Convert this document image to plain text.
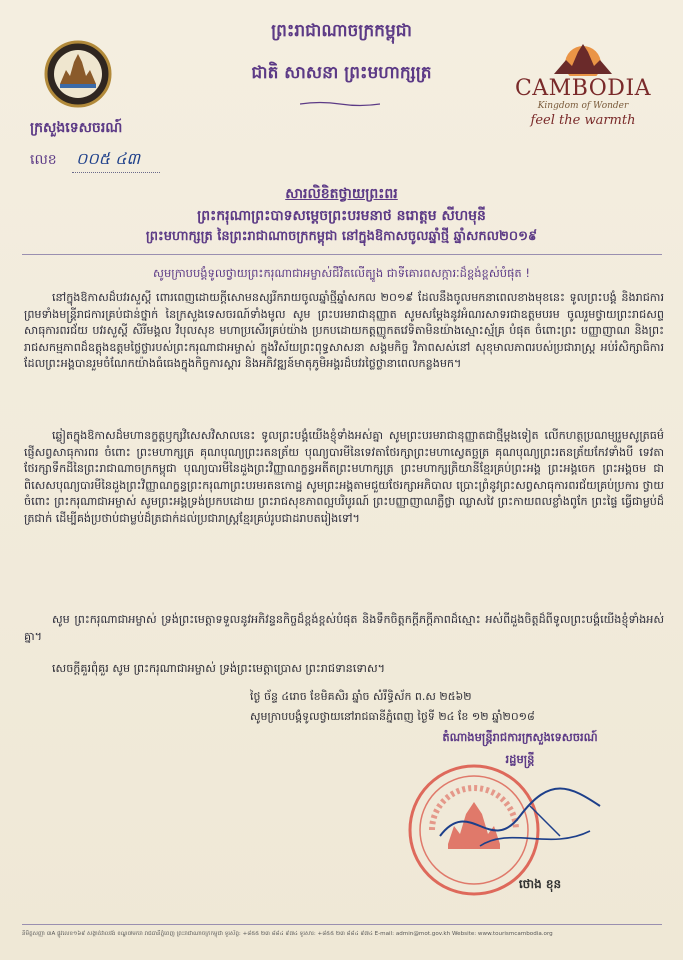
ព្រះរាជាណាចក្រកម្ពុជា
ជាតិ សាសនា ព្រះមហាក្សត្រ
CAMBODIA
Kingdom of Wonder
feel the warmth
ក្រសួងទេសចរណ៍
លេខ ០០៥ ៤៣
សារលិខិតថ្វាយព្រះពរ
ព្រះករុណាព្រះបាទសម្តេចព្រះបរមនាថ នរោត្តម សីហមុនី
ព្រះមហាក្សត្រ នៃព្រះរាជាណាចក្រកម្ពុជា នៅក្នុងឱកាសចូលឆ្នាំថ្មី ឆ្នាំសកល២០១៩
សូមក្រាបបង្គំទូលថ្វាយព្រះករុណាជាអម្ចាស់ជីវិតលើត្បូង ជាទីគោរពសក្ការៈដ៏ខ្ពង់ខ្ពស់បំផុត !
នៅក្នុងឱកាសដ៏បវរសួស្តី ពោរពេញដោយក្តីសោមនស្សរីករាយចូលឆ្នាំថ្មីឆ្នាំសកល ២០១៩ ដែលនឹងចូលមកនាពេលខាងមុខនេះ ទូលព្រះបង្គំ និងរាជការ ព្រមទាំងមន្ត្រីរាជការគ្រប់ជាន់ថ្នាក់ នៃក្រសួងទេសចរណ៍ទាំងមូល សូម ព្រះបរមរាជានុញ្ញាត សូមសម្តែងនូវអំណរសាទរជាឧត្តមបរម ចូលរួមថ្វាយព្រះរាជសព្ទសាធុការពរជ័យ បវរសួស្តី សិរីមង្គល វិបុលសុខ មហាប្រសើរគ្រប់យ៉ាង ប្រកបដោយកត្តញ្ញូកតវេទិតាមិនយ៉ាងស្មោះស្ម័គ្រ បំផុត ចំពោះព្រះ បញ្ញាញាណ និងព្រះរាជសកម្មភាពដ៏ឧត្តុងឧត្តមថ្លៃថ្លារបស់ព្រះករុណាជាអម្ចាស់ ក្នុងវិស័យព្រះពុទ្ធសាសនា សង្គមកិច្ច វិភាពសស់នៅ សុខុមាលភាពរបស់ប្រជារាស្ត្រ អប់រំសិក្សាធិការដែលព្រះអង្គបានរួមចំណែកយ៉ាងធំធេងក្នុងកិច្ចការស្តារ និងអភិវឌ្ឍន៍មាតុភូមិអង្គរដ៏បវរថ្លៃថ្លានាពេលកន្លងមក។
ឆ្លៀតក្នុងឱកាសដ៏មហានក្ខត្តឫក្សវិសេសវិសាលនេះ ទូលព្រះបង្គំយើងខ្ញុំទាំងអស់គ្នា សូមព្រះបរមរាជានុញ្ញាតជាថ្មីម្តងទៀត លើកហត្ថប្រណម្យរួមសូត្រធម៌ផ្ញើសព្វសាធុការពរ ចំពោះ ព្រះមហាក្សត្រ គុណបុណ្យព្រះរតនត្រ័យ បុណ្យបារមីនៃទេវតាថែរក្សាព្រះមហាស្វេតច្ឆត្រ គុណបុណ្យព្រះរតនត្រ័យកែវទាំងបី ទេវតាថែរក្សាទឹកដីនៃព្រះរាជាណាចក្រកម្ពុជា បុណ្យបារមីនៃដួងព្រះវិញ្ញាណក្ខន្ធអតីតព្រះមហាក្សត្រ ព្រះមហាក្សត្រិយានីខ្មែរគ្រប់ព្រះអង្គ ព្រះអង្គចេក ព្រះអង្គចម ជាពិសេសបុណ្យបារមីនៃដួងព្រះវិញ្ញាណក្ខន្ធព្រះករុណាព្រះបរមរតនកោដ្ឋ សូមព្រះអង្គតាមជួយថែរក្សាអភិបាល ប្រោះព្រំនូវព្រះសព្វសាធុការពរជ័យគ្រប់ប្រការ ថ្វាយចំពោះ ព្រះករុណាជាអម្ចាស់ សូមព្រះអង្គទ្រង់ប្រកបដោយ ព្រះរាជសុខភាពល្អបរិបូរណ៍ ព្រះបញ្ញាញាណភ្លឺថ្លា ឈ្លាសវៃ ព្រះកាយពលខ្លាំងពូកែ ព្រះផ្ទៃ ធ្វើជាម្លប់ដ៏ត្រជាក់ ដើម្បីគង់ប្រថាប់ជាម្លប់ដ៏ត្រជាក់ដល់ប្រជារាស្ត្រខ្មែរគ្រប់រូបជាដរាបតរៀងទៅ។
សូម ព្រះករុណាជាអម្ចាស់ ទ្រង់ព្រះមេត្តាទទួលនូវអភិវន្ទនកិច្ចដ៏ខ្ពង់ខ្ពស់បំផុត និងទឹកចិត្តកក្តីភក្តីភាពដ៏ស្មោះ អស់ពីដួងចិត្តដ៏ពីទូលព្រះបង្គំយើងខ្ញុំទាំងអស់គ្នា។
សេចក្តីគួរពុំគួរ សូម ព្រះករុណាជាអម្ចាស់ ទ្រង់ព្រះមេត្តាប្រោស ព្រះរាជទានទោស។
ថ្ងៃ ច័ន្ទ ៤រោច ខែមិគសិរ ឆ្នាំច សំរឹទ្ធិស័ក ព.ស ២៥៦២
សូមក្រាបបង្គំទូលថ្វាយនៅរាជធានីភ្នំពេញ ថ្ងៃទី ២៤ ខែ ១២ ឆ្នាំ២០១៨
តំណាងមន្ត្រីរាជការក្រសួងទេសចរណ៍
រដ្ឋមន្ត្រី
ថោង ខុន
និមិត្តសញ្ញា ៣A ផ្លូវលេខ១៦៩ សង្កាត់វាលវង់ ខណ្ឌ៧មករា រាជធានីភ្នំពេញ ព្រះរាជាណាចក្រកម្ពុជា ទូរស័ព្ទ: +៨៥៥ ២៣ ៨៨៤ ៩៧៤ ទូរសារ: +៨៥៥ ២៣ ៨៨៤ ៩៧៤ E-mail: admin@mot.gov.kh Website: www.tourismcambodia.org
